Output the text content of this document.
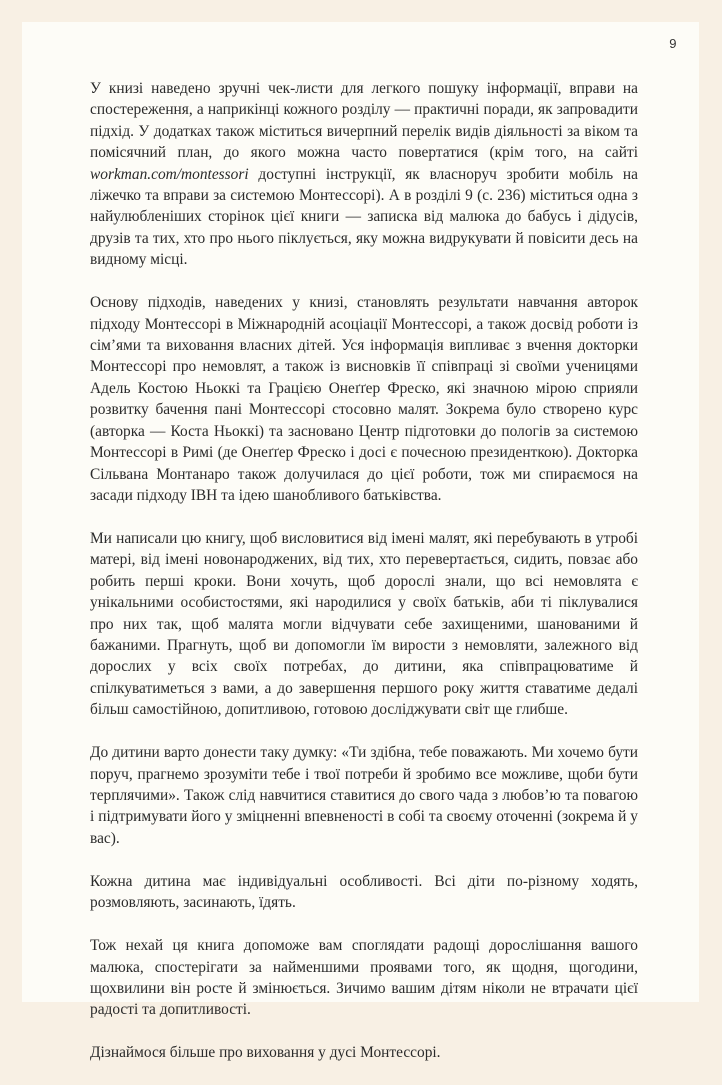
9

У книзі наведено зручні чек-листи для легкого пошуку інформації, вправи на спостереження, а наприкінці кожного розділу — практичні поради, як запровадити підхід. У додатках також міститься вичерпний перелік видів діяльності за віком та помісячний план, до якого можна часто повертатися (крім того, на сайті workman.com/montessori доступні інструкції, як власноруч зробити мобіль на ліжечко та вправи за системою Монтессорі). А в розділі 9 (с. 236) міститься одна з найулюбленіших сторінок цієї книги — записка від малюка до бабусь і дідусів, друзів та тих, хто про нього піклується, яку можна видрукувати й повісити десь на видному місці.

Основу підходів, наведених у книзі, становлять результати навчання авторок підходу Монтессорі в Міжнародній асоціації Монтессорі, а також досвід роботи із сім’ями та виховання власних дітей. Уся інформація випливає з вчення докторки Монтессорі про немовлят, а також із висновків її співпраці зі своїми ученицями Адель Костою Ньоккі та Грацією Онеґґер Фреско, які значною мірою сприяли розвитку бачення пані Монтессорі стосовно малят. Зокрема було створено курс (авторка — Коста Ньоккі) та засновано Центр підготовки до пологів за системою Монтессорі в Римі (де Онеґґер Фреско і досі є почесною президенткою). Докторка Сільвана Монтанаро також долучилася до цієї роботи, тож ми спираємося на засади підходу ІВН та ідею шанобливого батьківства.

Ми написали цю книгу, щоб висловитися від імені малят, які перебувають в утробі матері, від імені новонароджених, від тих, хто перевертається, сидить, повзає або робить перші кроки. Вони хочуть, щоб дорослі знали, що всі немовлята є унікальними особистостями, які народилися у своїх батьків, аби ті піклувалися про них так, щоб малята могли відчувати себе захищеними, шанованими й бажаними. Прагнуть, щоб ви допомогли їм вирости з немовляти, залежного від дорослих у всіх своїх потребах, до дитини, яка співпрацюватиме й спілкуватиметься з вами, а до завершення першого року життя ставатиме дедалі більш самостійною, допитливою, готовою досліджувати світ ще глибше.

До дитини варто донести таку думку: «Ти здібна, тебе поважають. Ми хочемо бути поруч, прагнемо зрозуміти тебе і твої потреби й зробимо все можливе, щоби бути терплячими». Також слід навчитися ставитися до свого чада з любов’ю та повагою і підтримувати його у зміцненні впевненості в собі та своєму оточенні (зокрема й у вас).

Кожна дитина має індивідуальні особливості. Всі діти по-різному ходять, розмовляють, засинають, їдять.

Тож нехай ця книга допоможе вам споглядати радощі дорослішання вашого малюка, спостерігати за найменшими проявами того, як щодня, щогодини, щохвилини він росте й змінюється. Зичимо вашим дітям ніколи не втрачати цієї радості та допитливості.

Дізнаймося більше про виховання у дусі Монтессорі.
